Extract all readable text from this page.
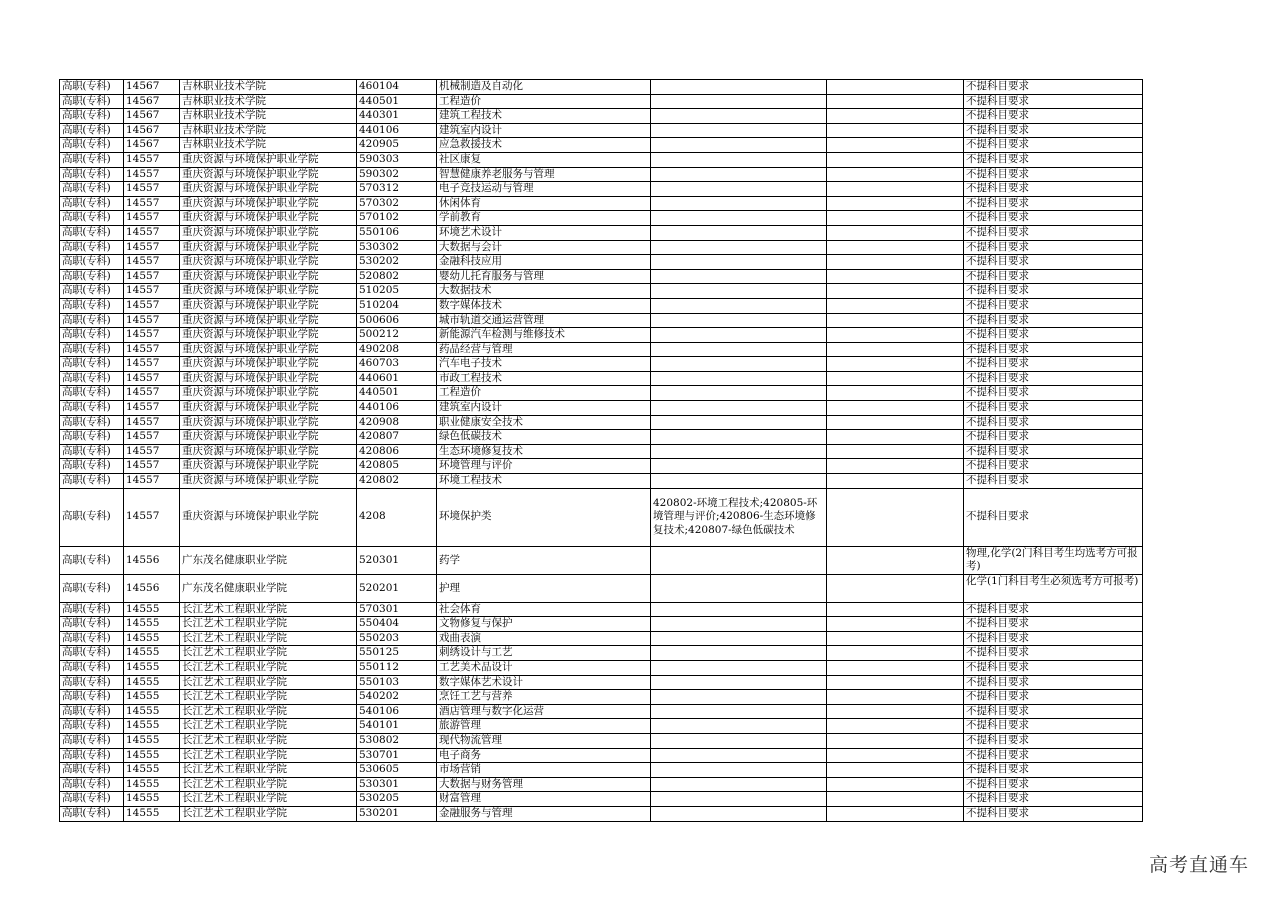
高职(专科)	14567	吉林职业技术学院	460104	机械制造及自动化			不提科目要求
高职(专科)	14567	吉林职业技术学院	440501	工程造价			不提科目要求
高职(专科)	14567	吉林职业技术学院	440301	建筑工程技术			不提科目要求
高职(专科)	14567	吉林职业技术学院	440106	建筑室内设计			不提科目要求
高职(专科)	14567	吉林职业技术学院	420905	应急救援技术			不提科目要求
高职(专科)	14557	重庆资源与环境保护职业学院	590303	社区康复			不提科目要求
高职(专科)	14557	重庆资源与环境保护职业学院	590302	智慧健康养老服务与管理			不提科目要求
高职(专科)	14557	重庆资源与环境保护职业学院	570312	电子竞技运动与管理			不提科目要求
高职(专科)	14557	重庆资源与环境保护职业学院	570302	休闲体育			不提科目要求
高职(专科)	14557	重庆资源与环境保护职业学院	570102	学前教育			不提科目要求
高职(专科)	14557	重庆资源与环境保护职业学院	550106	环境艺术设计			不提科目要求
高职(专科)	14557	重庆资源与环境保护职业学院	530302	大数据与会计			不提科目要求
高职(专科)	14557	重庆资源与环境保护职业学院	530202	金融科技应用			不提科目要求
高职(专科)	14557	重庆资源与环境保护职业学院	520802	婴幼儿托育服务与管理			不提科目要求
高职(专科)	14557	重庆资源与环境保护职业学院	510205	大数据技术			不提科目要求
高职(专科)	14557	重庆资源与环境保护职业学院	510204	数字媒体技术			不提科目要求
高职(专科)	14557	重庆资源与环境保护职业学院	500606	城市轨道交通运营管理			不提科目要求
高职(专科)	14557	重庆资源与环境保护职业学院	500212	新能源汽车检测与维修技术			不提科目要求
高职(专科)	14557	重庆资源与环境保护职业学院	490208	药品经营与管理			不提科目要求
高职(专科)	14557	重庆资源与环境保护职业学院	460703	汽车电子技术			不提科目要求
高职(专科)	14557	重庆资源与环境保护职业学院	440601	市政工程技术			不提科目要求
高职(专科)	14557	重庆资源与环境保护职业学院	440501	工程造价			不提科目要求
高职(专科)	14557	重庆资源与环境保护职业学院	440106	建筑室内设计			不提科目要求
高职(专科)	14557	重庆资源与环境保护职业学院	420908	职业健康安全技术			不提科目要求
高职(专科)	14557	重庆资源与环境保护职业学院	420807	绿色低碳技术			不提科目要求
高职(专科)	14557	重庆资源与环境保护职业学院	420806	生态环境修复技术			不提科目要求
高职(专科)	14557	重庆资源与环境保护职业学院	420805	环境管理与评价			不提科目要求
高职(专科)	14557	重庆资源与环境保护职业学院	420802	环境工程技术			不提科目要求
高职(专科)	14557	重庆资源与环境保护职业学院	4208	环境保护类	420802-环境工程技术;420805-环境管理与评价;420806-生态环境修复技术;420807-绿色低碳技术		不提科目要求
高职(专科)	14556	广东茂名健康职业学院	520301	药学			物理,化学(2门科目考生均选考方可报考)
高职(专科)	14556	广东茂名健康职业学院	520201	护理			化学(1门科目考生必须选考方可报考)
高职(专科)	14555	长江艺术工程职业学院	570301	社会体育			不提科目要求
高职(专科)	14555	长江艺术工程职业学院	550404	文物修复与保护			不提科目要求
高职(专科)	14555	长江艺术工程职业学院	550203	戏曲表演			不提科目要求
高职(专科)	14555	长江艺术工程职业学院	550125	刺绣设计与工艺			不提科目要求
高职(专科)	14555	长江艺术工程职业学院	550112	工艺美术品设计			不提科目要求
高职(专科)	14555	长江艺术工程职业学院	550103	数字媒体艺术设计			不提科目要求
高职(专科)	14555	长江艺术工程职业学院	540202	烹饪工艺与营养			不提科目要求
高职(专科)	14555	长江艺术工程职业学院	540106	酒店管理与数字化运营			不提科目要求
高职(专科)	14555	长江艺术工程职业学院	540101	旅游管理			不提科目要求
高职(专科)	14555	长江艺术工程职业学院	530802	现代物流管理			不提科目要求
高职(专科)	14555	长江艺术工程职业学院	530701	电子商务			不提科目要求
高职(专科)	14555	长江艺术工程职业学院	530605	市场营销			不提科目要求
高职(专科)	14555	长江艺术工程职业学院	530301	大数据与财务管理			不提科目要求
高职(专科)	14555	长江艺术工程职业学院	530205	财富管理			不提科目要求
高职(专科)	14555	长江艺术工程职业学院	530201	金融服务与管理			不提科目要求
高考直通车
